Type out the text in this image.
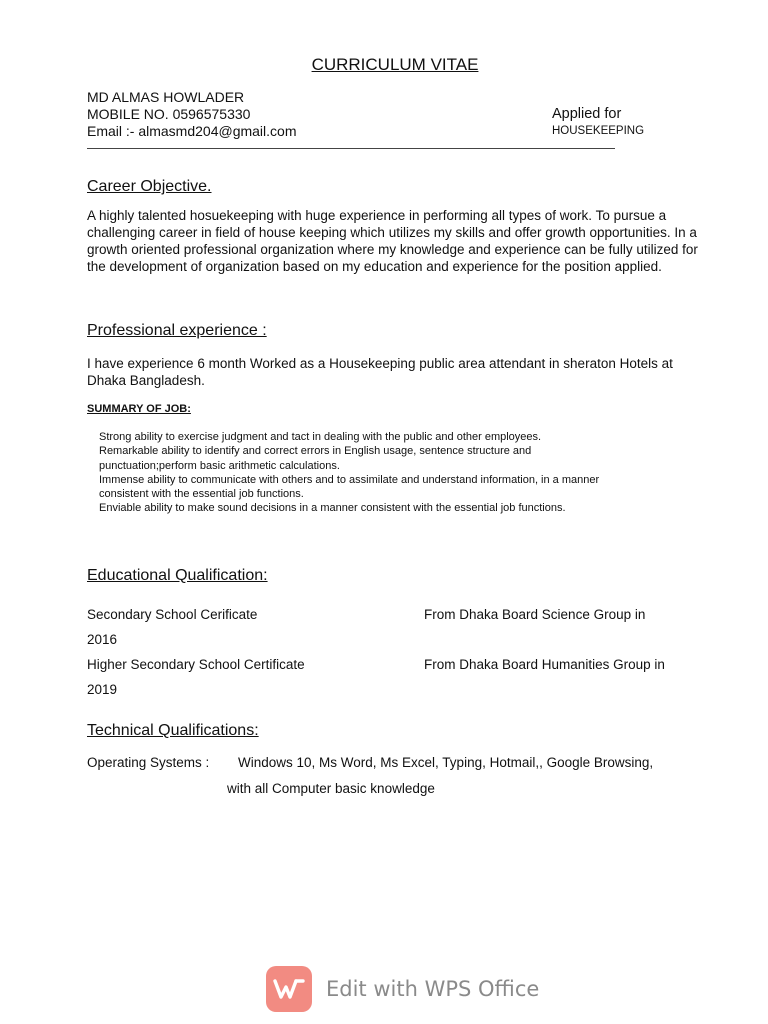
CURRICULUM VITAE
MD ALMAS HOWLADER
MOBILE NO. 0596575330
Email :- almasmd204@gmail.com
Applied for
HOUSEKEEPING
Career Objective.
A highly talented hosuekeeping with huge experience in performing all types of work. To pursue a challenging career in field of house keeping which utilizes my skills and offer growth opportunities. In a growth oriented professional organization where my knowledge and experience can be fully utilized for the development of organization based on my education and experience for the position applied.
Professional experience :
I have experience 6 month Worked as a Housekeeping public area attendant in sheraton Hotels at Dhaka Bangladesh.
SUMMARY OF JOB:
Strong ability to exercise judgment and tact in dealing with the public and other employees.
Remarkable ability to identify and correct errors in English usage, sentence structure and punctuation;perform basic arithmetic calculations.
Immense ability to communicate with others and to assimilate and understand information, in a manner consistent with the essential job functions.
Enviable ability to make sound decisions in a manner consistent with the essential job functions.
Educational Qualification:
Secondary School Cerificate	From Dhaka Board Science Group in
2016
Higher Secondary School Certificate	From Dhaka Board Humanities Group in
2019
Technical Qualifications:
Operating Systems : Windows 10, Ms Word, Ms Excel, Typing, Hotmail,, Google Browsing,
with all Computer basic knowledge
Edit with WPS Office
